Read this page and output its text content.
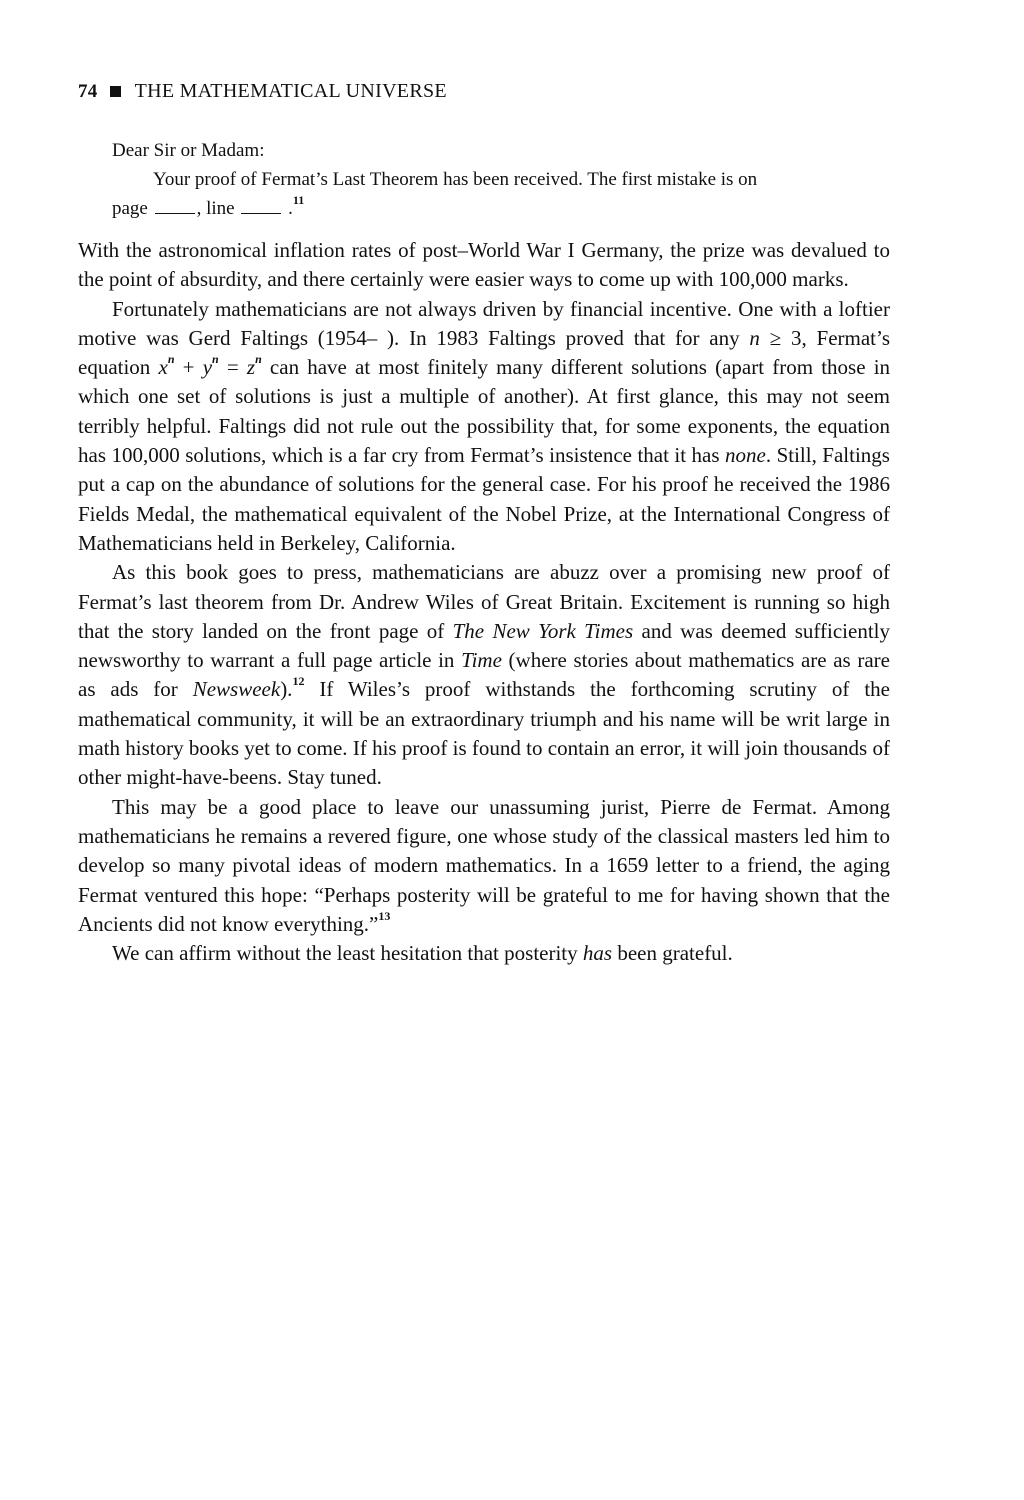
74 THE MATHEMATICAL UNIVERSE
Dear Sir or Madam:
Your proof of Fermat’s Last Theorem has been received. The first mistake is on
page	, line	.$^{11}$

With the astronomical inflation rates of post–World War I Germany, the prize was devalued to the point of absurdity, and there certainly were easier ways to come up with 100,000 marks.

Fortunately mathematicians are not always driven by financial incentive. One with a loftier motive was Gerd Faltings (1954– ). In 1983 Faltings proved that for any n ≥ 3, Fermat’s equation $x^n + y^n = z^n$ can have at most finitely many different solutions (apart from those in which one set of solutions is just a multiple of another). At first glance, this may not seem terribly helpful. Faltings did not rule out the possibility that, for some exponents, the equation has 100,000 solutions, which is a far cry from Fermat’s insistence that it has none. Still, Faltings put a cap on the abundance of solutions for the general case. For his proof he received the 1986 Fields Medal, the mathematical equivalent of the Nobel Prize, at the International Congress of Mathematicians held in Berkeley, California.

As this book goes to press, mathematicians are abuzz over a promising new proof of Fermat’s last theorem from Dr. Andrew Wiles of Great Britain. Excitement is running so high that the story landed on the front page of The New York Times and was deemed sufficiently newsworthy to warrant a full page article in Time (where stories about mathematics are as rare as ads for Newsweek).$^{12}$ If Wiles’s proof withstands the forthcoming scrutiny of the mathematical community, it will be an extraordinary triumph and his name will be writ large in math history books yet to come. If his proof is found to contain an error, it will join thousands of other might-have-beens. Stay tuned.

This may be a good place to leave our unassuming jurist, Pierre de Fermat. Among mathematicians he remains a revered figure, one whose study of the classical masters led him to develop so many pivotal ideas of modern mathematics. In a 1659 letter to a friend, the aging Fermat ventured this hope: “Perhaps posterity will be grateful to me for having shown that the Ancients did not know everything.”$^{13}$

We can affirm without the least hesitation that posterity has been grateful.
